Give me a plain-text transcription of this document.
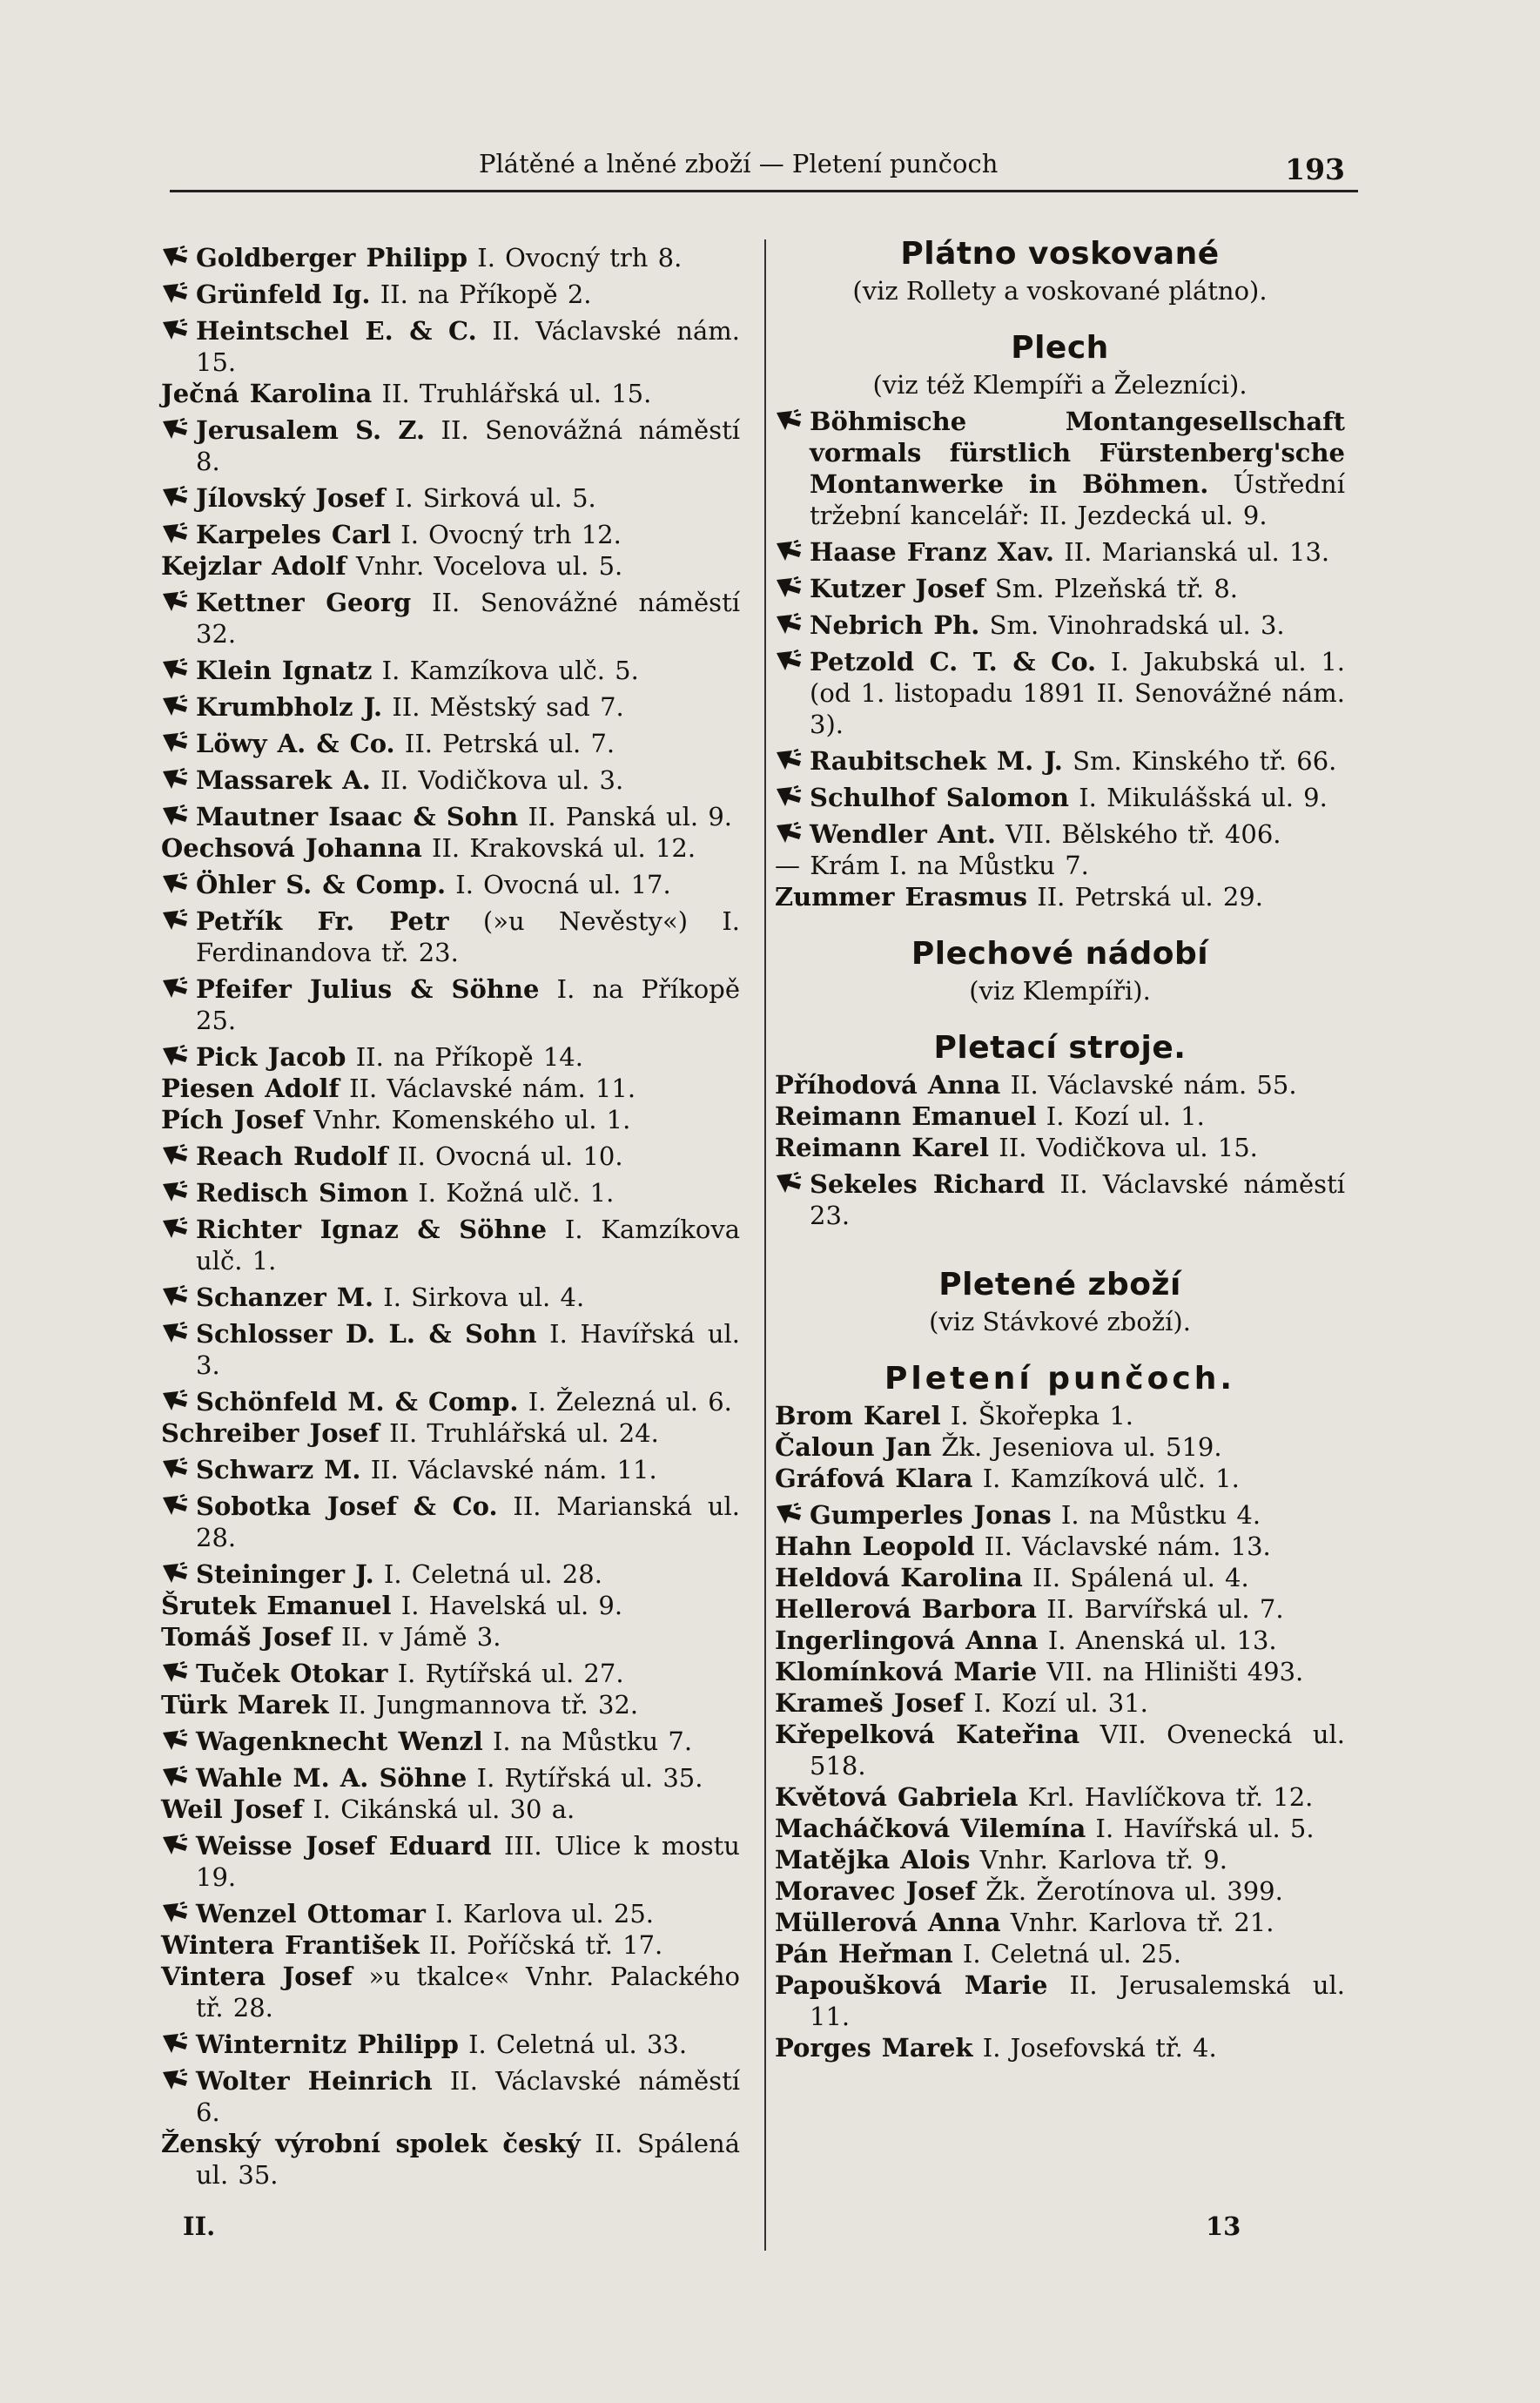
Plátěné a lněné zboží — Pletení punčoch	193
Goldberger Philipp I. Ovocný trh 8.
Grünfeld Ig. II. na Příkopě 2.
Heintschel E. & C. II. Václavské nám. 15.
Ječná Karolina II. Truhlářská ul. 15.
Jerusalem S. Z. II. Senovážná náměstí 8.
Jílovský Josef I. Sirková ul. 5.
Karpeles Carl I. Ovocný trh 12.
Kejzlar Adolf Vnhr. Vocelova ul. 5.
Kettner Georg II. Senovážné náměstí 32.
Klein Ignatz I. Kamzíkova ulč. 5.
Krumbholz J. II. Městský sad 7.
Löwy A. & Co. II. Petrská ul. 7.
Massarek A. II. Vodičkova ul. 3.
Mautner Isaac & Sohn II. Panská ul. 9.
Oechsová Johanna II. Krakovská ul. 12.
Öhler S. & Comp. I. Ovocná ul. 17.
Petřík Fr. Petr (»u Nevěsty«) I. Ferdinandova tř. 23.
Pfeifer Julius & Söhne I. na Příkopě 25.
Pick Jacob II. na Příkopě 14.
Piesen Adolf II. Václavské nám. 11.
Pích Josef Vnhr. Komenského ul. 1.
Reach Rudolf II. Ovocná ul. 10.
Redisch Simon I. Kožná ulč. 1.
Richter Ignaz & Söhne I. Kamzíkova ulč. 1.
Schanzer M. I. Sirkova ul. 4.
Schlosser D. L. & Sohn I. Havířská ul. 3.
Schönfeld M. & Comp. I. Železná ul. 6.
Schreiber Josef II. Truhlářská ul. 24.
Schwarz M. II. Václavské nám. 11.
Sobotka Josef & Co. II. Marianská ul. 28.
Steininger J. I. Celetná ul. 28.
Šrutek Emanuel I. Havelská ul. 9.
Tomáš Josef II. v Jámě 3.
Tuček Otokar I. Rytířská ul. 27.
Türk Marek II. Jungmannova tř. 32.
Wagenknecht Wenzl I. na Můstku 7.
Wahle M. A. Söhne I. Rytířská ul. 35.
Weil Josef I. Cikánská ul. 30 a.
Weisse Josef Eduard III. Ulice k mostu 19.
Wenzel Ottomar I. Karlova ul. 25.
Wintera František II. Poříčská tř. 17.
Vintera Josef »u tkalce« Vnhr. Palackého tř. 28.
Winternitz Philipp I. Celetná ul. 33.
Wolter Heinrich II. Václavské náměstí 6.
Ženský výrobní spolek český II. Spálená ul. 35.
Plátno voskované
(viz Rollety a voskované plátno).
Plech
(viz též Klempíři a Železníci).
Böhmische Montangesellschaft vormals fürstlich Fürstenberg'sche Montanwerke in Böhmen. Ústřední tržební kancelář: II. Jezdecká ul. 9.
Haase Franz Xav. II. Marianská ul. 13.
Kutzer Josef Sm. Plzeňská tř. 8.
Nebrich Ph. Sm. Vinohradská ul. 3.
Petzold C. T. & Co. I. Jakubská ul. 1. (od 1. listopadu 1891 II. Senovážné nám. 3).
Raubitschek M. J. Sm. Kinského tř. 66.
Schulhof Salomon I. Mikulášská ul. 9.
Wendler Ant. VII. Bělského tř. 406.
— Krám I. na Můstku 7.
Zummer Erasmus II. Petrská ul. 29.
Plechové nádobí
(viz Klempíři).
Pletací stroje.
Příhodová Anna II. Václavské nám. 55.
Reimann Emanuel I. Kozí ul. 1.
Reimann Karel II. Vodičkova ul. 15.
Sekeles Richard II. Václavské náměstí 23.
Pletené zboží
(viz Stávkové zboží).
Pletení punčoch.
Brom Karel I. Škořepka 1.
Čaloun Jan Žk. Jeseniova ul. 519.
Gráfová Klara I. Kamzíková ulč. 1.
Gumperles Jonas I. na Můstku 4.
Hahn Leopold II. Václavské nám. 13.
Heldová Karolina II. Spálená ul. 4.
Hellerová Barbora II. Barvířská ul. 7.
Ingerlingová Anna I. Anenská ul. 13.
Klomínková Marie VII. na Hliništi 493.
Krameš Josef I. Kozí ul. 31.
Křepelková Kateřina VII. Ovenecká ul. 518.
Květová Gabriela Krl. Havlíčkova tř. 12.
Macháčková Vilemína I. Havířská ul. 5.
Matějka Alois Vnhr. Karlova tř. 9.
Moravec Josef Žk. Žerotínova ul. 399.
Müllerová Anna Vnhr. Karlova tř. 21.
Pán Heřman I. Celetná ul. 25.
Papoušková Marie II. Jerusalemská ul. 11.
Porges Marek I. Josefovská tř. 4.
II.	13
